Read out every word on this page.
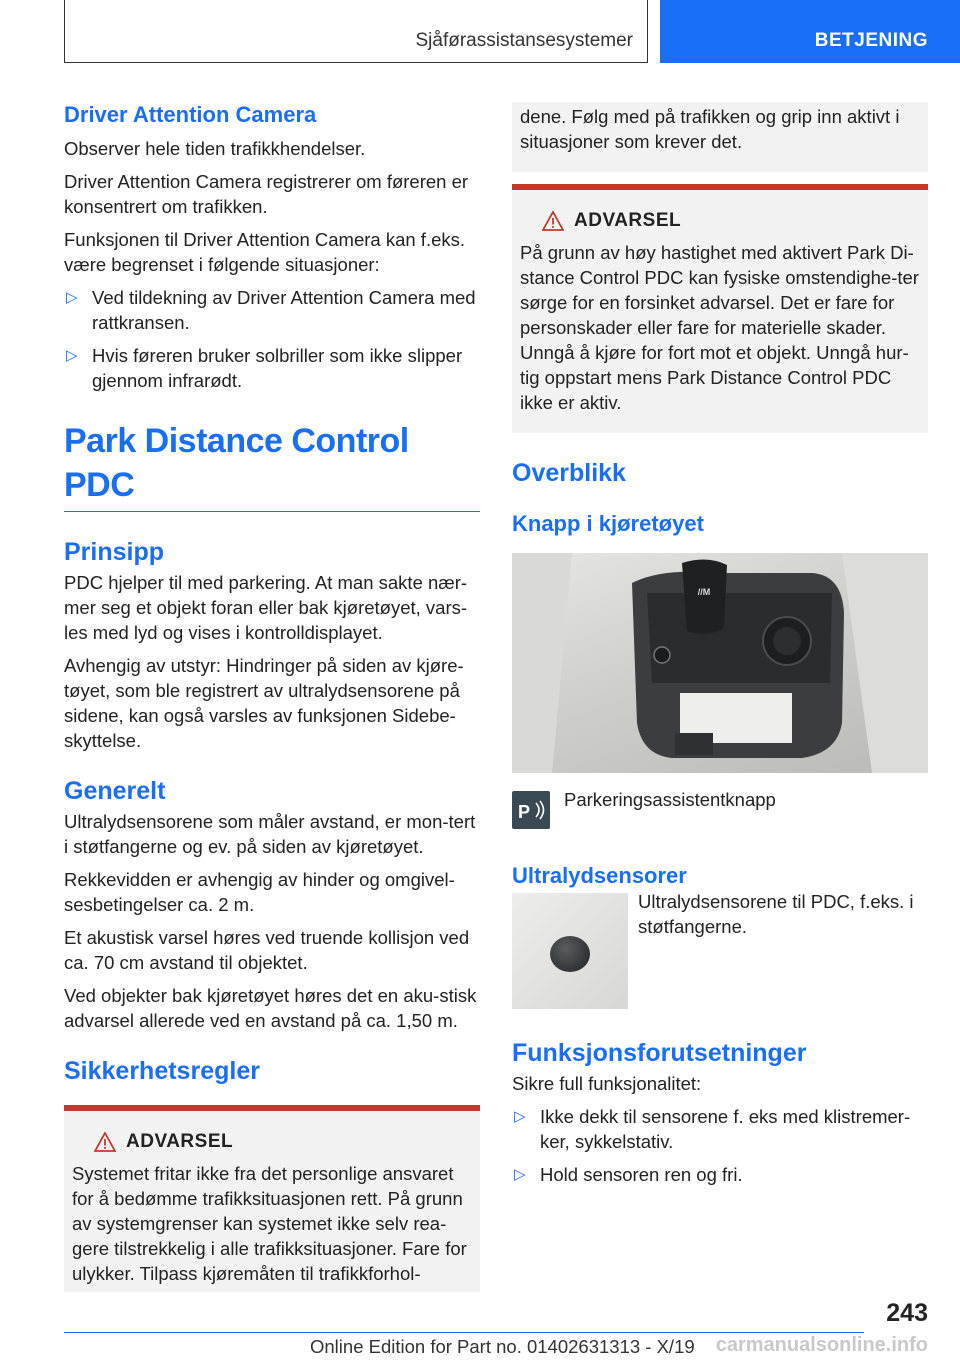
Sjåførassistansesystemer	BETJENING
Driver Attention Camera

Observer hele tiden trafikkhendelser.

Driver Attention Camera registrerer om føreren er konsentrert om trafikken.

Funksjonen til Driver Attention Camera kan f.eks. være begrenset i følgende situasjoner:

▷ Ved tildekning av Driver Attention Camera med rattkransen.
▷ Hvis føreren bruker solbriller som ikke slipper gjennom infrarødt.
Park Distance Control PDC
Prinsipp

PDC hjelper til med parkering. At man sakte nær-mer seg et objekt foran eller bak kjøretøyet, vars-les med lyd og vises i kontrolldisplayet.

Avhengig av utstyr: Hindringer på siden av kjøre-tøyet, som ble registrert av ultralydsensorene på sidene, kan også varsles av funksjonen Sidebe-skyttelse.

Generelt

Ultralydsensorene som måler avstand, er mon-tert i støtfangerne og ev. på siden av kjøretøyet.

Rekkevidden er avhengig av hinder og omgivel-sesbetingelser ca. 2 m.

Et akustisk varsel høres ved truende kollisjon ved ca. 70 cm avstand til objektet.

Ved objekter bak kjøretøyet høres det en aku-stisk advarsel allerede ved en avstand på ca. 1,50 m.

Sikkerhetsregler
ADVARSEL
Systemet fritar ikke fra det personlige ansvaret for å bedømme trafikksituasjonen rett. På grunn av systemgrenser kan systemet ikke selv rea-gere tilstrekkelig i alle trafikksituasjoner. Fare for ulykker. Tilpass kjøremåten til trafikkforhol-
dene. Følg med på trafikken og grip inn aktivt i situasjoner som krever det.
ADVARSEL
På grunn av høy hastighet med aktivert Park Di-stance Control PDC kan fysiske omstendighe-ter sørge for en forsinket advarsel. Det er fare for personskader eller fare for materielle skader. Unngå å kjøre for fort mot et objekt. Unngå hur-tig oppstart mens Park Distance Control PDC ikke er aktiv.
Overblikk
Knapp i kjøretøyet
//M
P
Parkeringsassistentknapp
Ultralydsensorer
Ultralydsensorene til PDC, f.eks. i støtfangerne.
Funksjonsforutsetninger

Sikre full funksjonalitet:

▷ Ikke dekk til sensorene f. eks med klistremer-ker, sykkelstativ.
▷ Hold sensoren ren og fri.
243
Online Edition for Part no. 01402631313 - X/19 carmanualsonline.info
